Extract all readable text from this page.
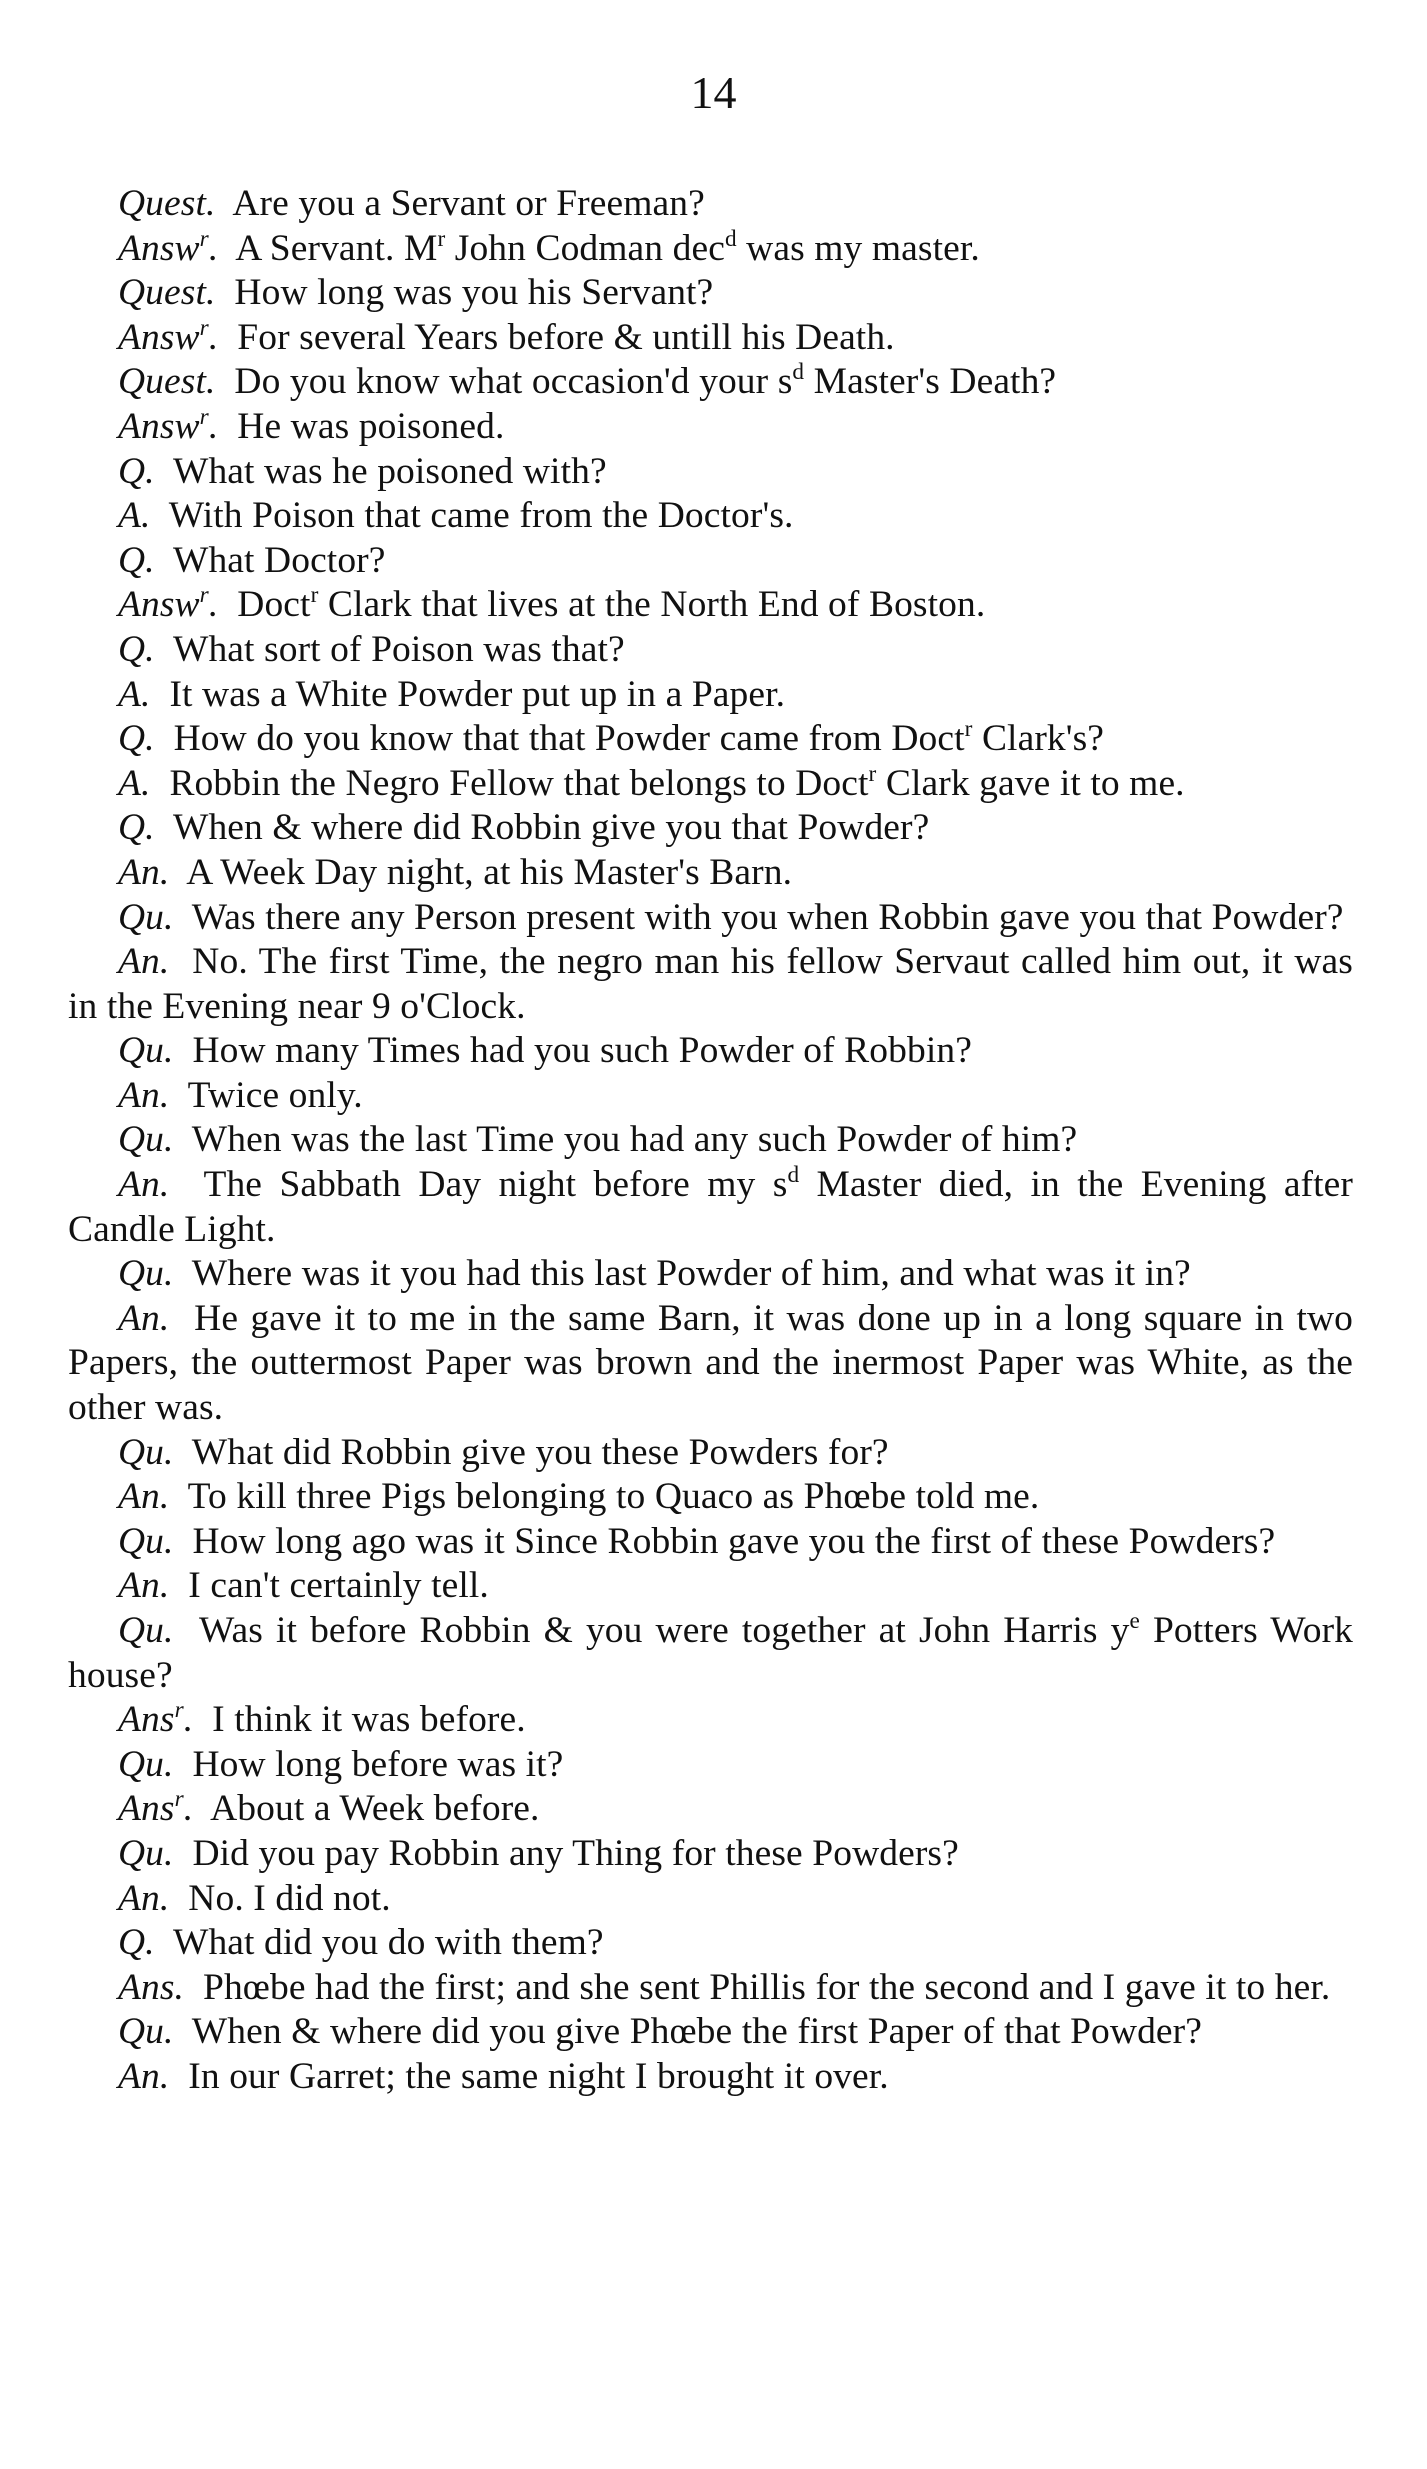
14

Quest. Are you a Servant or Freeman?

Answ$^r$. A Servant. $M^r$ John Codman dec$^d$ was my master.

Quest. How long was you his Servant?

Answ$^r$. For several Years before & untill his Death.

Quest. Do you know what occasion'd your $s^d$ Master's Death?

Answ$^r$. He was poisoned.

Q. What was he poisoned with?

A. With Poison that came from the Doctor's.

Q. What Doctor?

Answ$^r$. Doct$^r$ Clark that lives at the North End of Boston.

Q. What sort of Poison was that?

A. It was a White Powder put up in a Paper.

Q. How do you know that that Powder came from Doct$^r$ Clark's?

A. Robbin the Negro Fellow that belongs to Doct$^r$ Clark gave it to me.

Q. When & where did Robbin give you that Powder?

An. A Week Day night, at his Master's Barn.

Qu. Was there any Person present with you when Robbin gave you that Powder?

An. No. The first Time, the negro man his fellow Servaut called him out, it was in the Evening near 9 o'Clock.

Qu. How many Times had you such Powder of Robbin?

An. Twice only.

Qu. When was the last Time you had any such Powder of him?

An. The Sabbath Day night before my $s^d$ Master died, in the Evening after Candle Light.

Qu. Where was it you had this last Powder of him, and what was it in?

An. He gave it to me in the same Barn, it was done up in a long square in two Papers, the outtermost Paper was brown and the inermost Paper was White, as the other was.

Qu. What did Robbin give you these Powders for?

An. To kill three Pigs belonging to Quaco as Phœbe told me.

Qu. How long ago was it Since Robbin gave you the first of these Powders?

An. I can't certainly tell.

Qu. Was it before Robbin & you were together at John Harris $y^e$ Potters Work house?

Ans$^r$. I think it was before.

Qu. How long before was it?

Ans$^r$. About a Week before.

Qu. Did you pay Robbin any Thing for these Powders?

An. No. I did not.

Q. What did you do with them?

Ans. Phœbe had the first; and she sent Phillis for the second and I gave it to her.

Qu. When & where did you give Phœbe the first Paper of that Powder?

An. In our Garret; the same night I brought it over.
